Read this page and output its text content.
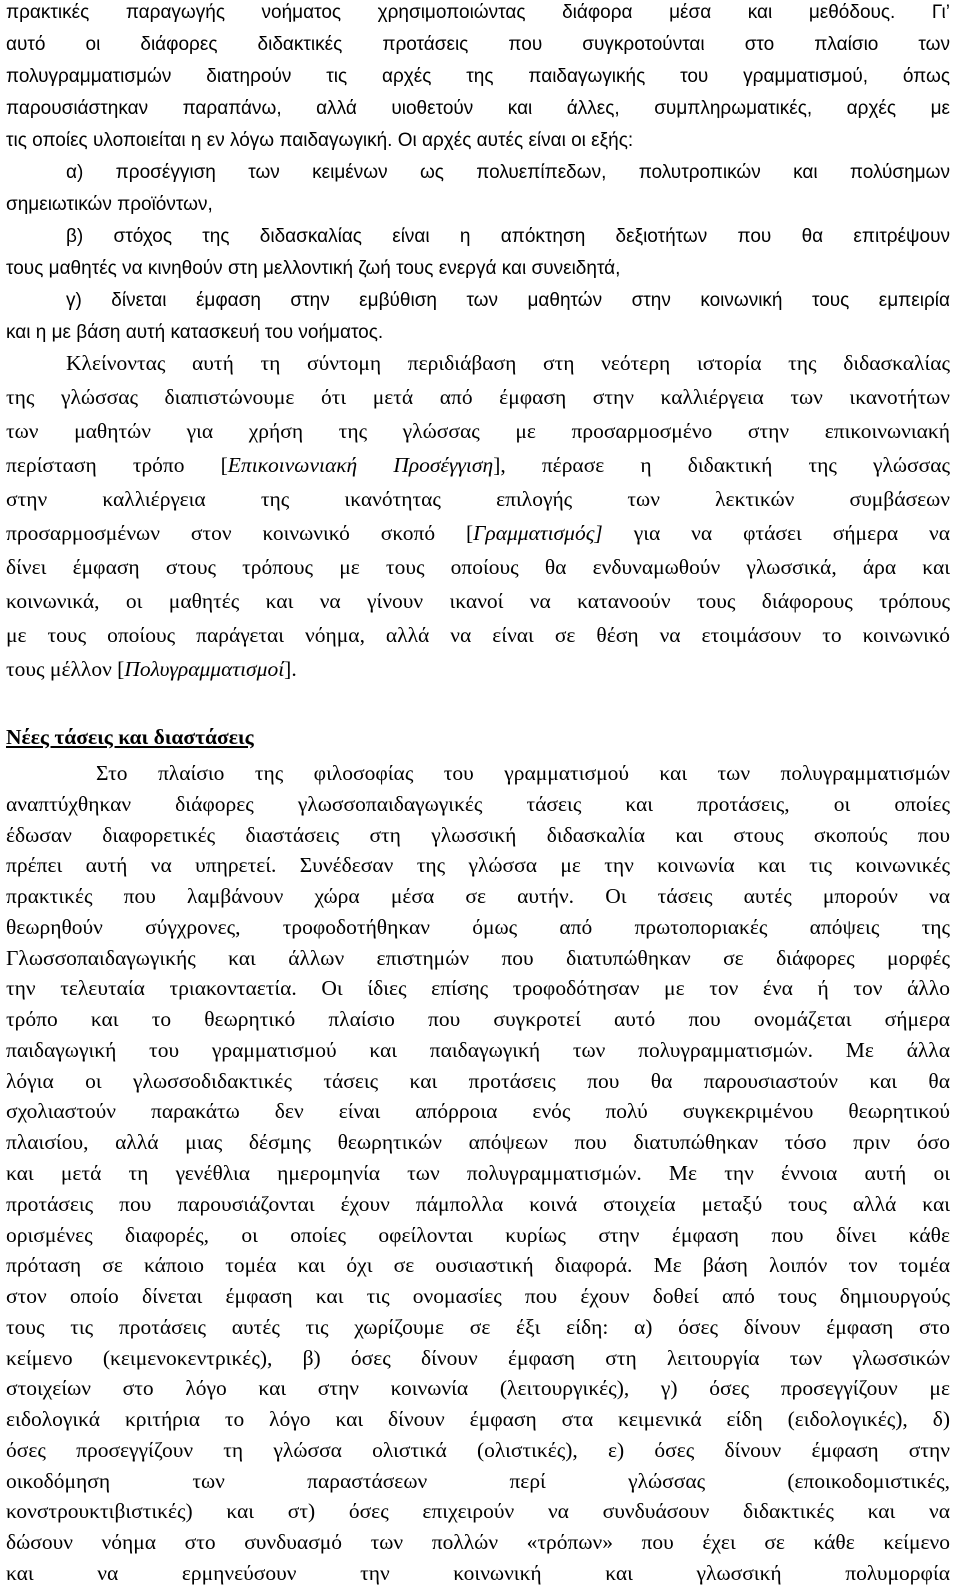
πρακτικές παραγωγής νοήματος χρησιμοποιώντας διάφορα μέσα και μεθόδους. Γι’
αυτό οι διάφορες διδακτικές προτάσεις που συγκροτούνται στο πλαίσιο των
πολυγραμματισμών διατηρούν τις αρχές της παιδαγωγικής του γραμματισμού, όπως
παρουσιάστηκαν παραπάνω, αλλά υιοθετούν και άλλες, συμπληρωματικές, αρχές με
τις οποίες υλοποιείται η εν λόγω παιδαγωγική. Οι αρχές αυτές είναι οι εξής:
α) προσέγγιση των κειμένων ως πολυεπίπεδων, πολυτροπικών και πολύσημων
σημειωτικών προϊόντων,
β) στόχος της διδασκαλίας είναι η απόκτηση δεξιοτήτων που θα επιτρέψουν
τους μαθητές να κινηθούν στη μελλοντική ζωή τους ενεργά και συνειδητά,
γ) δίνεται έμφαση στην εμβύθιση των μαθητών στην κοινωνική τους εμπειρία
και η με βάση αυτή κατασκευή του νοήματος.
Κλείνοντας αυτή τη σύντομη περιδιάβαση στη νεότερη ιστορία της διδασκαλίας
της γλώσσας διαπιστώνουμε ότι μετά από έμφαση στην καλλιέργεια των ικανοτήτων
των μαθητών για χρήση της γλώσσας με προσαρμοσμένο στην επικοινωνιακή
περίσταση τρόπο [Επικοινωνιακή Προσέγγιση], πέρασε η διδακτική της γλώσσας
στην καλλιέργεια της ικανότητας επιλογής των λεκτικών συμβάσεων
προσαρμοσμένων στον κοινωνικό σκοπό [Γραμματισμός] για να φτάσει σήμερα να
δίνει έμφαση στους τρόπους με τους οποίους θα ενδυναμωθούν γλωσσικά, άρα και
κοινωνικά, οι μαθητές και να γίνουν ικανοί να κατανοούν τους διάφορους τρόπους
με τους οποίους παράγεται νόημα, αλλά να είναι σε θέση να ετοιμάσουν το κοινωνικό
τους μέλλον [Πολυγραμματισμοί].
Νέες τάσεις και διαστάσεις
Στο πλαίσιο της φιλοσοφίας του γραμματισμού και των πολυγραμματισμών
αναπτύχθηκαν διάφορες γλωσσοπαιδαγωγικές τάσεις και προτάσεις, οι οποίες
έδωσαν διαφορετικές διαστάσεις στη γλωσσική διδασκαλία και στους σκοπούς που
πρέπει αυτή να υπηρετεί. Συνέδεσαν της γλώσσα με την κοινωνία και τις κοινωνικές
πρακτικές που λαμβάνουν χώρα μέσα σε αυτήν. Οι τάσεις αυτές μπορούν να
θεωρηθούν σύγχρονες, τροφοδοτήθηκαν όμως από πρωτοποριακές απόψεις της
Γλωσσοπαιδαγωγικής και άλλων επιστημών που διατυπώθηκαν σε διάφορες μορφές
την τελευταία τριακονταετία. Οι ίδιες επίσης τροφοδότησαν με τον ένα ή τον άλλο
τρόπο και το θεωρητικό πλαίσιο που συγκροτεί αυτό που ονομάζεται σήμερα
παιδαγωγική του γραμματισμού και παιδαγωγική των πολυγραμματισμών. Με άλλα
λόγια οι γλωσσοδιδακτικές τάσεις και προτάσεις που θα παρουσιαστούν και θα
σχολιαστούν παρακάτω δεν είναι απόρροια ενός πολύ συγκεκριμένου θεωρητικού
πλαισίου, αλλά μιας δέσμης θεωρητικών απόψεων που διατυπώθηκαν τόσο πριν όσο
και μετά τη γενέθλια ημερομηνία των πολυγραμματισμών. Με την έννοια αυτή οι
προτάσεις που παρουσιάζονται έχουν πάμπολλα κοινά στοιχεία μεταξύ τους αλλά και
ορισμένες διαφορές, οι οποίες οφείλονται κυρίως στην έμφαση που δίνει κάθε
πρόταση σε κάποιο τομέα και όχι σε ουσιαστική διαφορά. Με βάση λοιπόν τον τομέα
στον οποίο δίνεται έμφαση και τις ονομασίες που έχουν δοθεί από τους δημιουργούς
τους τις προτάσεις αυτές τις χωρίζουμε σε έξι είδη: α) όσες δίνουν έμφαση στο
κείμενο (κειμενοκεντρικές), β) όσες δίνουν έμφαση στη λειτουργία των γλωσσικών
στοιχείων στο λόγο και στην κοινωνία (λειτουργικές), γ) όσες προσεγγίζουν με
ειδολογικά κριτήρια το λόγο και δίνουν έμφαση στα κειμενικά είδη (ειδολογικές), δ)
όσες προσεγγίζουν τη γλώσσα ολιστικά (ολιστικές), ε) όσες δίνουν έμφαση στην
οικοδόμηση των παραστάσεων περί γλώσσας (εποικοδομιστικές,
κονστρουκτιβιστικές) και στ) όσες επιχειρούν να συνδυάσουν διδακτικές και να
δώσουν νόημα στο συνδυασμό των πολλών «τρόπων» που έχει σε κάθε κείμενο
και να ερμηνεύσουν την κοινωνική και γλωσσική πολυμορφία
